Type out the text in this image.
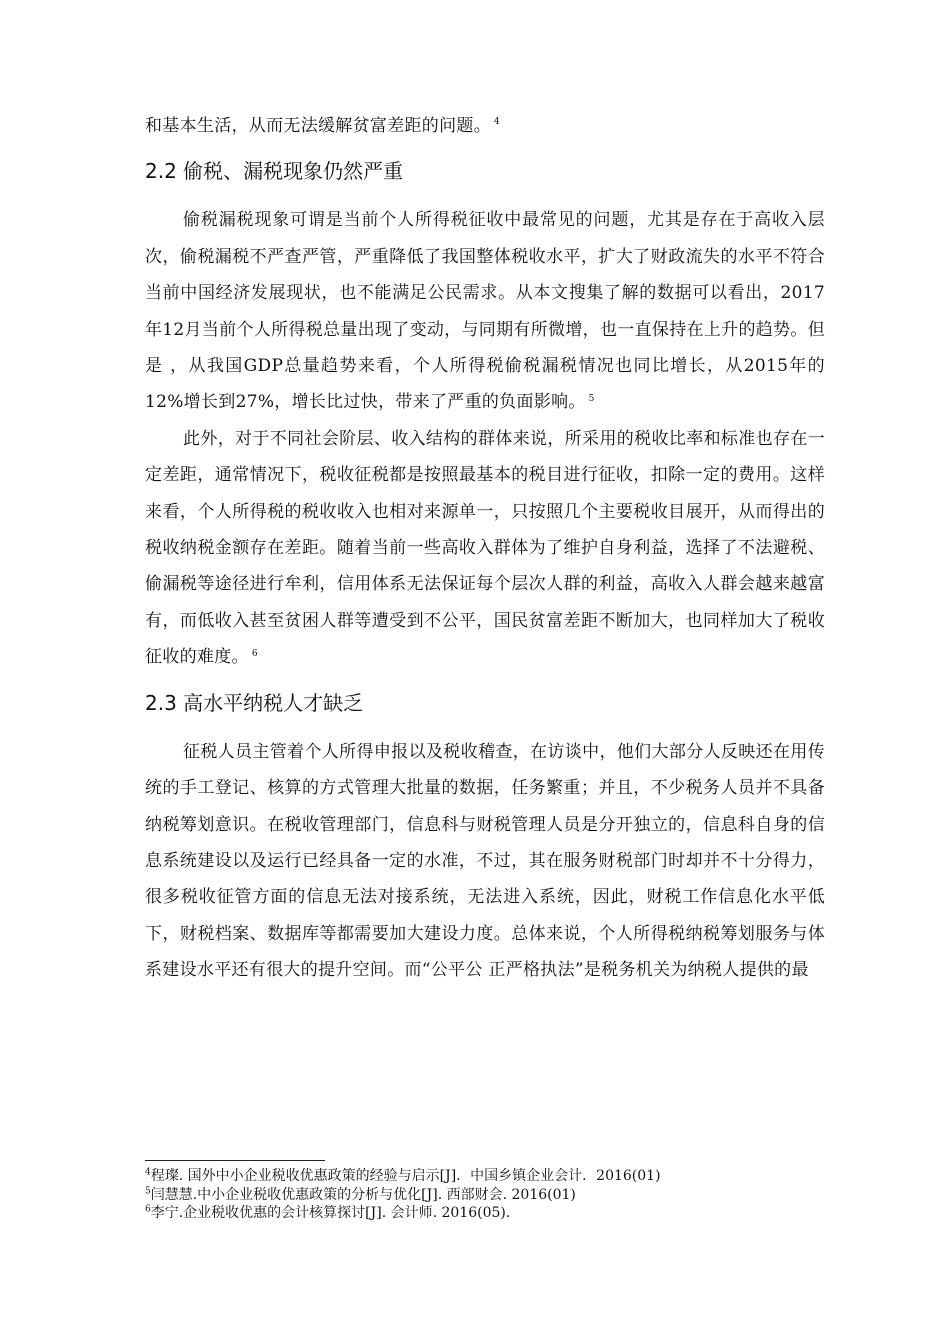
和基本生活，从而无法缓解贫富差距的问题。 $^4$

2.2 偷税、漏税现象仍然严重

偷税漏税现象可谓是当前个人所得税征收中最常见的问题，尤其是存在于高收入层次，偷税漏税不严查严管，严重降低了我国整体税收水平，扩大了财政流失的水平不符合当前中国经济发展现状，也不能满足公民需求。从本文搜集了解的数据可以看出，2017年12月当前个人所得税总量出现了变动，与同期有所微增，也一直保持在上升的趋势。但是 ，从我国GDP总量趋势来看，个人所得税偷税漏税情况也同比增长，从2015年的12%增长到27%，增长比过快，带来了严重的负面影响。 $^5$

此外，对于不同社会阶层、收入结构的群体来说，所采用的税收比率和标准也存在一定差距，通常情况下，税收征税都是按照最基本的税目进行征收，扣除一定的费用。这样来看，个人所得税的税收收入也相对来源单一，只按照几个主要税收目展开，从而得出的税收纳税金额存在差距。随着当前一些高收入群体为了维护自身利益，选择了不法避税、偷漏税等途径进行牟利，信用体系无法保证每个层次人群的利益，高收入人群会越来越富有，而低收入甚至贫困人群等遭受到不公平，国民贫富差距不断加大，也同样加大了税收征收的难度。 $^6$

2.3 高水平纳税人才缺乏

征税人员主管着个人所得申报以及税收稽查，在访谈中，他们大部分人反映还在用传统的手工登记、核算的方式管理大批量的数据，任务繁重；并且，不少税务人员并不具备纳税筹划意识。在税收管理部门，信息科与财税管理人员是分开独立的，信息科自身的信息系统建设以及运行已经具备一定的水准，不过，其在服务财税部门时却并不十分得力，很多税收征管方面的信息无法对接系统，无法进入系统，因此，财税工作信息化水平低下，财税档案、数据库等都需要加大建设力度。总体来说，个人所得税纳税筹划服务与体系建设水平还有很大的提升空间。而“公平公 正严格执法”是税务机关为纳税人提供的最

$^4$程璨. 国外中小企业税收优惠政策的经验与启示[J]．中国乡镇企业会计．2016(01)

$^5$闫慧慧.中小企业税收优惠政策的分析与优化[J]. 西部财会. 2016(01)

$^6$李宁.企业税收优惠的会计核算探讨[J]. 会计师. 2016(05).
